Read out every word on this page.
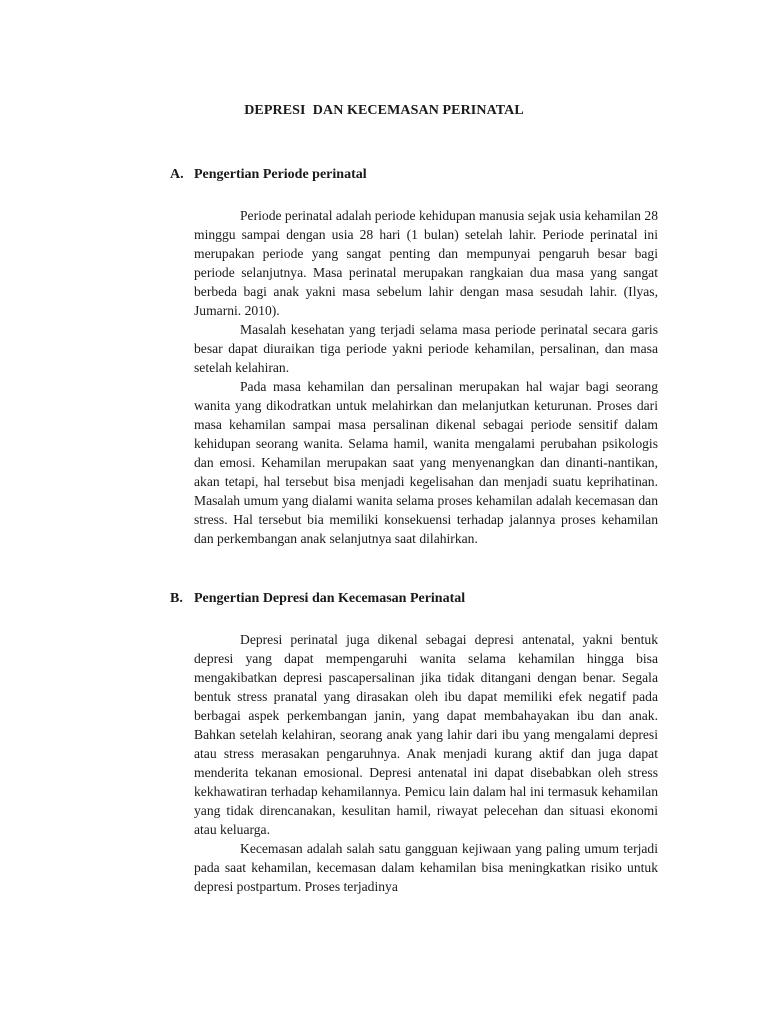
DEPRESI  DAN KECEMASAN PERINATAL
A. Pengertian Periode perinatal

Periode perinatal adalah periode kehidupan manusia sejak usia kehamilan 28 minggu sampai dengan usia 28 hari (1 bulan) setelah lahir. Periode perinatal ini merupakan periode yang sangat penting dan mempunyai pengaruh besar bagi periode selanjutnya. Masa perinatal merupakan rangkaian dua masa yang sangat berbeda bagi anak yakni masa sebelum lahir dengan masa sesudah lahir. (Ilyas, Jumarni. 2010).

Masalah kesehatan yang terjadi selama masa periode perinatal secara garis besar dapat diuraikan tiga periode yakni periode kehamilan, persalinan, dan masa setelah kelahiran.

Pada masa kehamilan dan persalinan merupakan hal wajar bagi seorang wanita yang dikodratkan untuk melahirkan dan melanjutkan keturunan. Proses dari masa kehamilan sampai masa persalinan dikenal sebagai periode sensitif dalam kehidupan seorang wanita. Selama hamil, wanita mengalami perubahan psikologis dan emosi. Kehamilan merupakan saat yang menyenangkan dan dinanti-nantikan, akan tetapi, hal tersebut bisa menjadi kegelisahan dan menjadi suatu keprihatinan. Masalah umum yang dialami wanita selama proses kehamilan adalah kecemasan dan stress. Hal tersebut bia memiliki konsekuensi terhadap jalannya proses kehamilan dan perkembangan anak selanjutnya saat dilahirkan.

B. Pengertian Depresi dan Kecemasan Perinatal

Depresi perinatal juga dikenal sebagai depresi antenatal, yakni bentuk depresi yang dapat mempengaruhi wanita selama kehamilan hingga bisa mengakibatkan depresi pascapersalinan jika tidak ditangani dengan benar. Segala bentuk stress pranatal yang dirasakan oleh ibu dapat memiliki efek negatif pada berbagai aspek perkembangan janin, yang dapat membahayakan ibu dan anak. Bahkan setelah kelahiran, seorang anak yang lahir dari ibu yang mengalami depresi atau stress merasakan pengaruhnya. Anak menjadi kurang aktif dan juga dapat menderita tekanan emosional. Depresi antenatal ini dapat disebabkan oleh stress kekhawatiran terhadap kehamilannya. Pemicu lain dalam hal ini termasuk kehamilan yang tidak direncanakan, kesulitan hamil, riwayat pelecehan dan situasi ekonomi atau keluarga.

Kecemasan adalah salah satu gangguan kejiwaan yang paling umum terjadi pada saat kehamilan, kecemasan dalam kehamilan bisa meningkatkan risiko untuk depresi postpartum. Proses terjadinya
